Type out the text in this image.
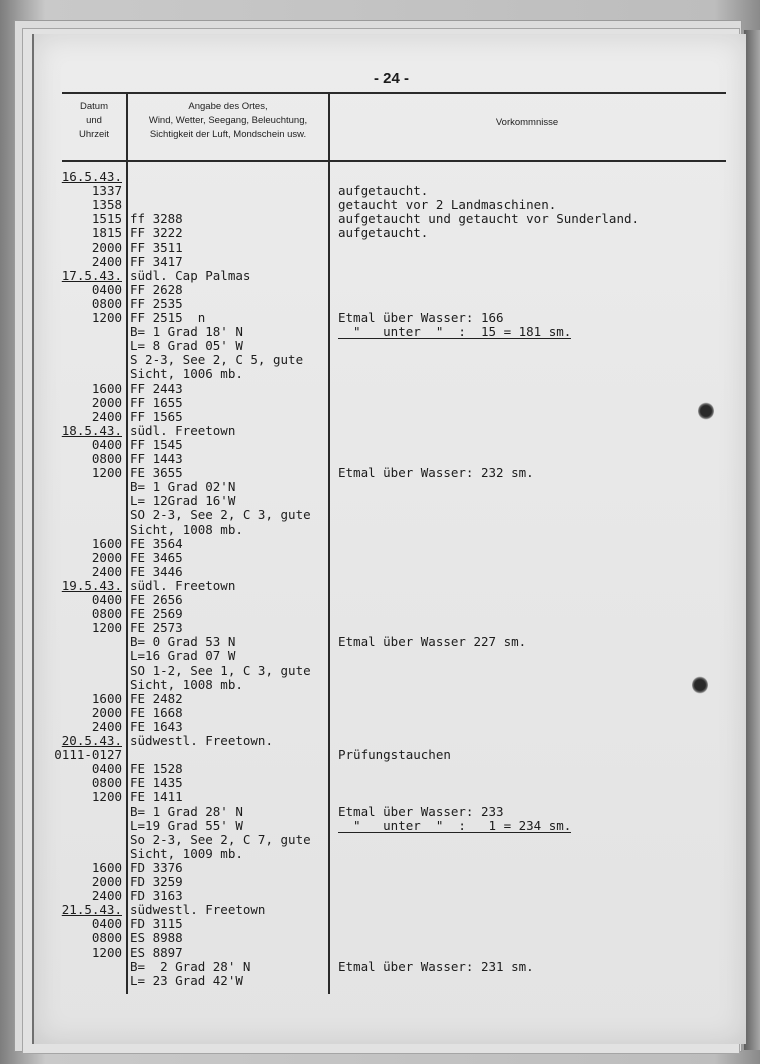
- 24 -
Datum
und
Uhrzeit
Angabe des Ortes,
Wind, Wetter, Seegang, Beleuchtung,
Sichtigkeit der Luft, Mondschein usw.
Vorkommnisse
16.5.43.
1337	aufgetaucht.
1358	getaucht vor 2 Landmaschinen.
1515 ff 3288	aufgetaucht und getaucht vor Sunderland.
1815 FF 3222	aufgetaucht.
2000 FF 3511
2400 FF 3417
17.5.43. südl. Cap Palmas
0400 FF 2628
0800 FF 2535
1200 FF 2515  n	Etmal über Wasser: 166
B= 1 Grad 18' N	"   unter  "  :  15 = 181 sm.
L= 8 Grad 05' W
S 2-3, See 2, C 5, gute
Sicht, 1006 mb.
1600 FF 2443
2000 FF 1655
2400 FF 1565
18.5.43. südl. Freetown
0400 FF 1545
0800 FF 1443
1200 FE 3655	Etmal über Wasser: 232 sm.
B= 1 Grad 02'N
L= 12Grad 16'W
SO 2-3, See 2, C 3, gute
Sicht, 1008 mb.
1600 FE 3564
2000 FE 3465
2400 FE 3446
19.5.43. südl. Freetown
0400 FE 2656
0800 FE 2569
1200 FE 2573
B= 0 Grad 53 N	Etmal über Wasser 227 sm.
L=16 Grad 07 W
SO 1-2, See 1, C 3, gute
Sicht, 1008 mb.
1600 FE 2482
2000 FE 1668
2400 FE 1643
20.5.43. südwestl. Freetown.
0111-0127	Prüfungstauchen
0400 FE 1528
0800 FE 1435
1200 FE 1411
B= 1 Grad 28' N	Etmal über Wasser: 233
L=19 Grad 55' W	"   unter  "  :   1 = 234 sm.
So 2-3, See 2, C 7, gute
Sicht, 1009 mb.
1600 FD 3376
2000 FD 3259
2400 FD 3163
21.5.43. südwestl. Freetown
0400 FD 3115
0800 ES 8988
1200 ES 8897
B=  2 Grad 28' N	Etmal über Wasser: 231 sm.
L= 23 Grad 42'W
